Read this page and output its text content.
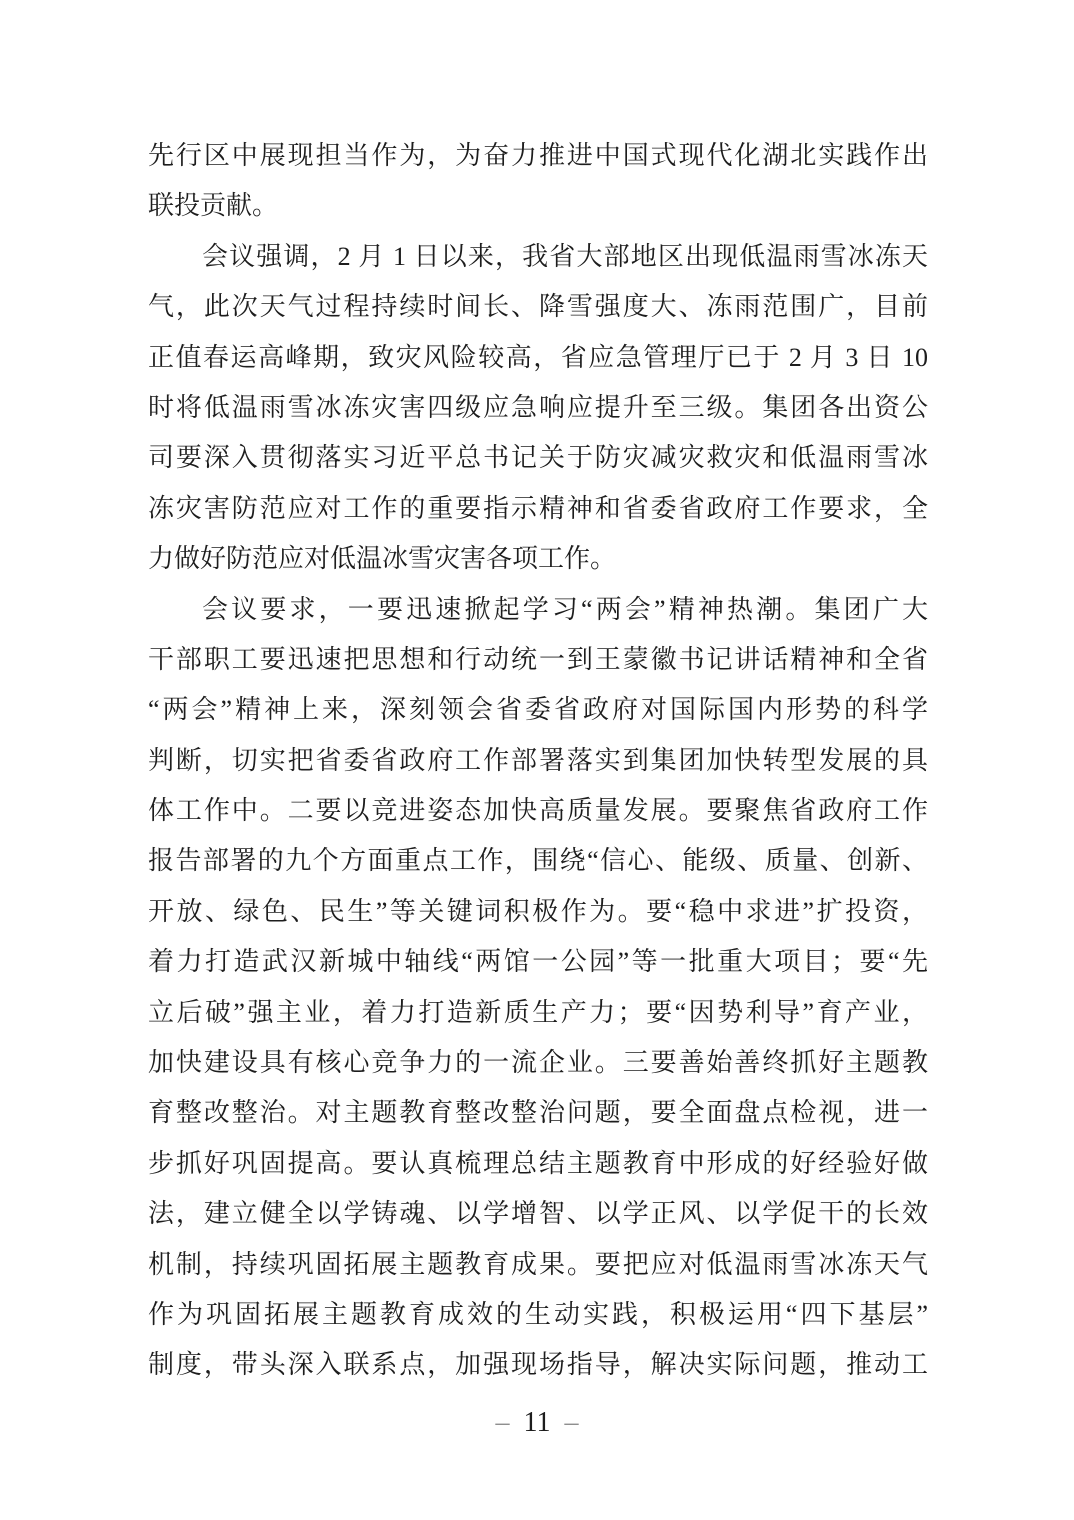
先行区中展现担当作为，为奋力推进中国式现代化湖北实践作出
联投贡献。
会议强调，2 月 1 日以来，我省大部地区出现低温雨雪冰冻天
气，此次天气过程持续时间长、降雪强度大、冻雨范围广，目前
正值春运高峰期，致灾风险较高，省应急管理厅已于 2 月 3 日 10
时将低温雨雪冰冻灾害四级应急响应提升至三级。集团各出资公
司要深入贯彻落实习近平总书记关于防灾减灾救灾和低温雨雪冰
冻灾害防范应对工作的重要指示精神和省委省政府工作要求，全
力做好防范应对低温冰雪灾害各项工作。
会议要求，一要迅速掀起学习“两会”精神热潮。集团广大
干部职工要迅速把思想和行动统一到王蒙徽书记讲话精神和全省
“两会”精神上来，深刻领会省委省政府对国际国内形势的科学
判断，切实把省委省政府工作部署落实到集团加快转型发展的具
体工作中。二要以竞进姿态加快高质量发展。要聚焦省政府工作
报告部署的九个方面重点工作，围绕“信心、能级、质量、创新、
开放、绿色、民生”等关键词积极作为。要“稳中求进”扩投资，
着力打造武汉新城中轴线“两馆一公园”等一批重大项目；要“先
立后破”强主业，着力打造新质生产力；要“因势利导”育产业，
加快建设具有核心竞争力的一流企业。三要善始善终抓好主题教
育整改整治。对主题教育整改整治问题，要全面盘点检视，进一
步抓好巩固提高。要认真梳理总结主题教育中形成的好经验好做
法，建立健全以学铸魂、以学增智、以学正风、以学促干的长效
机制，持续巩固拓展主题教育成果。要把应对低温雨雪冰冻天气
作为巩固拓展主题教育成效的生动实践，积极运用“四下基层”
制度，带头深入联系点，加强现场指导，解决实际问题，推动工
– 11 –
